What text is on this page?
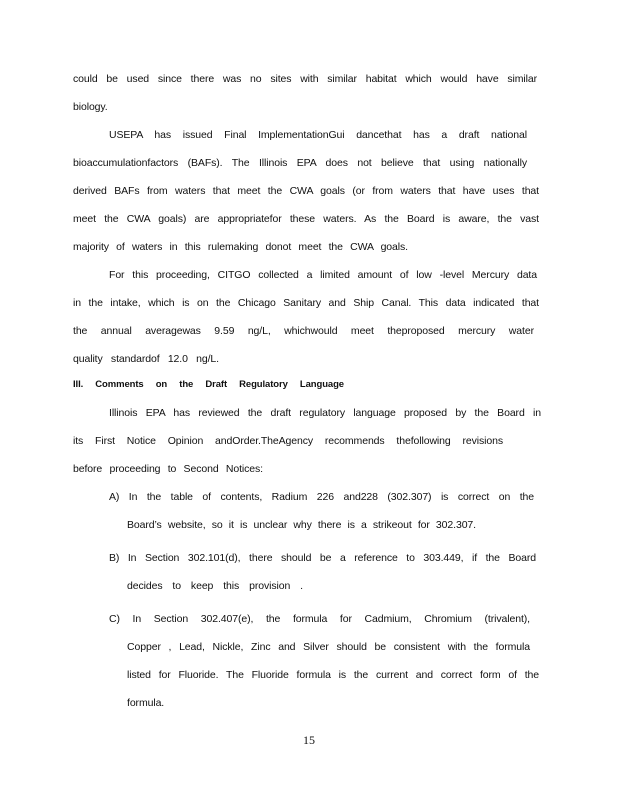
could be used since there was no sites with similar habitat which would have similar
biology.
USEPA has issued Final ImplementationGui dancethat has a draft national
bioaccumulationfactors (BAFs). The Illinois EPA does not believe that using nationally
derived BAFs from waters that meet the CWA goals (or from waters that have uses that
meet the CWA goals) are appropriatefor these waters. As the Board is aware, the vast
majority of waters in this rulemaking donot meet the CWA goals.
For this proceeding, CITGO collected a limited amount of low -level Mercury data
in the intake, which is on the Chicago Sanitary and Ship Canal. This data indicated that
the annual averagewas 9.59 ng/L, whichwould meet theproposed mercury water
quality standardof 12.0 ng/L.
III. Comments on the Draft Regulatory Language
Illinois EPA has reviewed the draft regulatory language proposed by the Board in
its First Notice Opinion andOrder.TheAgency recommends thefollowing revisions
before proceeding to Second Notices:
A) In the table of contents, Radium 226 and228 (302.307) is correct on the
Board’s website, so it is unclear why there is a strikeout for 302.307.
B) In Section 302.101(d), there should be a reference to 303.449, if the Board
decides to keep this provision .
C) In Section 302.407(e), the formula for Cadmium, Chromium (trivalent),
Copper , Lead, Nickle, Zinc and Silver should be consistent with the formula
listed for Fluoride. The Fluoride formula is the current and correct form of the
formula.
15
